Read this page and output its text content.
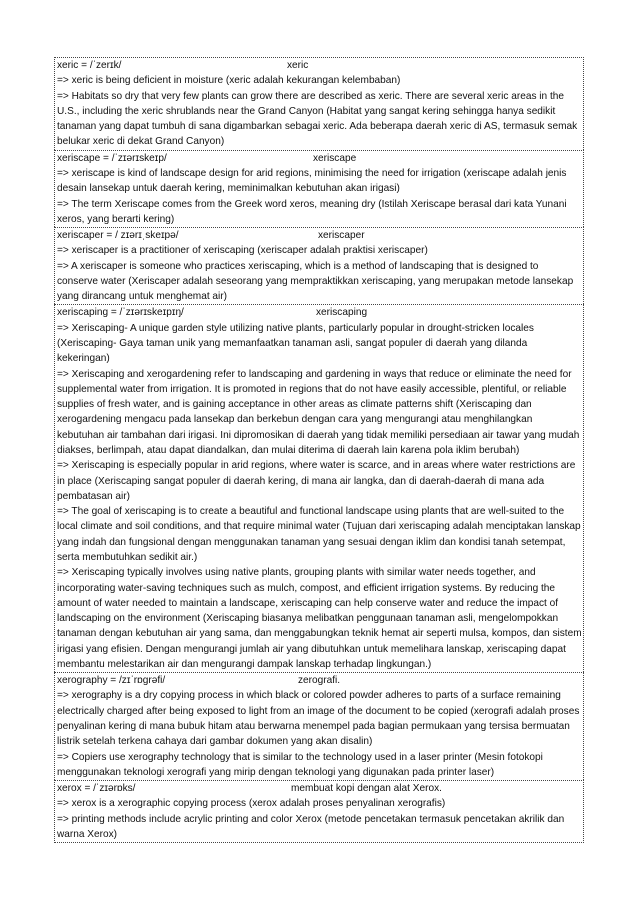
xeric = /ˈzerɪk/	xeric

=> xeric is being deficient in moisture (xeric adalah kekurangan kelembaban)

=> Habitats so dry that very few plants can grow there are described as xeric. There are several xeric areas in the U.S., including the xeric shrublands near the Grand Canyon (Habitat yang sangat kering sehingga hanya sedikit tanaman yang dapat tumbuh di sana digambarkan sebagai xeric. Ada beberapa daerah xeric di AS, termasuk semak belukar xeric di dekat Grand Canyon)

xeriscape = /ˈzɪərɪskeɪp/	xeriscape

=> xeriscape is kind of landscape design for arid regions, minimising the need for irrigation (xeriscape adalah jenis desain lansekap untuk daerah kering, meminimalkan kebutuhan akan irigasi)

=> The term Xeriscape comes from the Greek word xeros, meaning dry (Istilah Xeriscape berasal dari kata Yunani xeros, yang berarti kering)

xeriscaper = / zɪərɪˌskeɪpə/	xeriscaper

=> xeriscaper is a practitioner of xeriscaping (xeriscaper adalah praktisi xeriscaper)

=> A xeriscaper is someone who practices xeriscaping, which is a method of landscaping that is designed to conserve water (Xeriscaper adalah seseorang yang mempraktikkan xeriscaping, yang merupakan metode lansekap yang dirancang untuk menghemat air)

xeriscaping = /ˈzɪərɪskeɪpɪŋ/	xeriscaping

=> Xeriscaping- A unique garden style utilizing native plants, particularly popular in drought-stricken locales (Xeriscaping- Gaya taman unik yang memanfaatkan tanaman asli, sangat populer di daerah yang dilanda kekeringan)

=> Xeriscaping and xerogardening refer to landscaping and gardening in ways that reduce or eliminate the need for supplemental water from irrigation. It is promoted in regions that do not have easily accessible, plentiful, or reliable supplies of fresh water, and is gaining acceptance in other areas as climate patterns shift (Xeriscaping dan xerogardening mengacu pada lansekap dan berkebun dengan cara yang mengurangi atau menghilangkan kebutuhan air tambahan dari irigasi. Ini dipromosikan di daerah yang tidak memiliki persediaan air tawar yang mudah diakses, berlimpah, atau dapat diandalkan, dan mulai diterima di daerah lain karena pola iklim berubah)

=> Xeriscaping is especially popular in arid regions, where water is scarce, and in areas where water restrictions are in place (Xeriscaping sangat populer di daerah kering, di mana air langka, dan di daerah-daerah di mana ada pembatasan air)

=> The goal of xeriscaping is to create a beautiful and functional landscape using plants that are well-suited to the local climate and soil conditions, and that require minimal water (Tujuan dari xeriscaping adalah menciptakan lanskap yang indah dan fungsional dengan menggunakan tanaman yang sesuai dengan iklim dan kondisi tanah setempat, serta membutuhkan sedikit air.)

=> Xeriscaping typically involves using native plants, grouping plants with similar water needs together, and incorporating water-saving techniques such as mulch, compost, and efficient irrigation systems. By reducing the amount of water needed to maintain a landscape, xeriscaping can help conserve water and reduce the impact of landscaping on the environment (Xeriscaping biasanya melibatkan penggunaan tanaman asli, mengelompokkan tanaman dengan kebutuhan air yang sama, dan menggabungkan teknik hemat air seperti mulsa, kompos, dan sistem irigasi yang efisien. Dengan mengurangi jumlah air yang dibutuhkan untuk memelihara lanskap, xeriscaping dapat membantu melestarikan air dan mengurangi dampak lanskap terhadap lingkungan.)

xerography = /zɪˈrɒɡrəfi/	zerografi.

=> xerography is a dry copying process in which black or colored powder adheres to parts of a surface remaining electrically charged after being exposed to light from an image of the document to be copied (xerografi adalah proses penyalinan kering di mana bubuk hitam atau berwarna menempel pada bagian permukaan yang tersisa bermuatan listrik setelah terkena cahaya dari gambar dokumen yang akan disalin)

=> Copiers use xerography technology that is similar to the technology used in a laser printer (Mesin fotokopi menggunakan teknologi xerografi yang mirip dengan teknologi yang digunakan pada printer laser)

xerox = /ˈzɪərɒks/	membuat kopi dengan alat Xerox.

=> xerox is a xerographic copying process (xerox adalah proses penyalinan xerografis)

=> printing methods include acrylic printing and color Xerox (metode pencetakan termasuk pencetakan akrilik dan warna Xerox)
